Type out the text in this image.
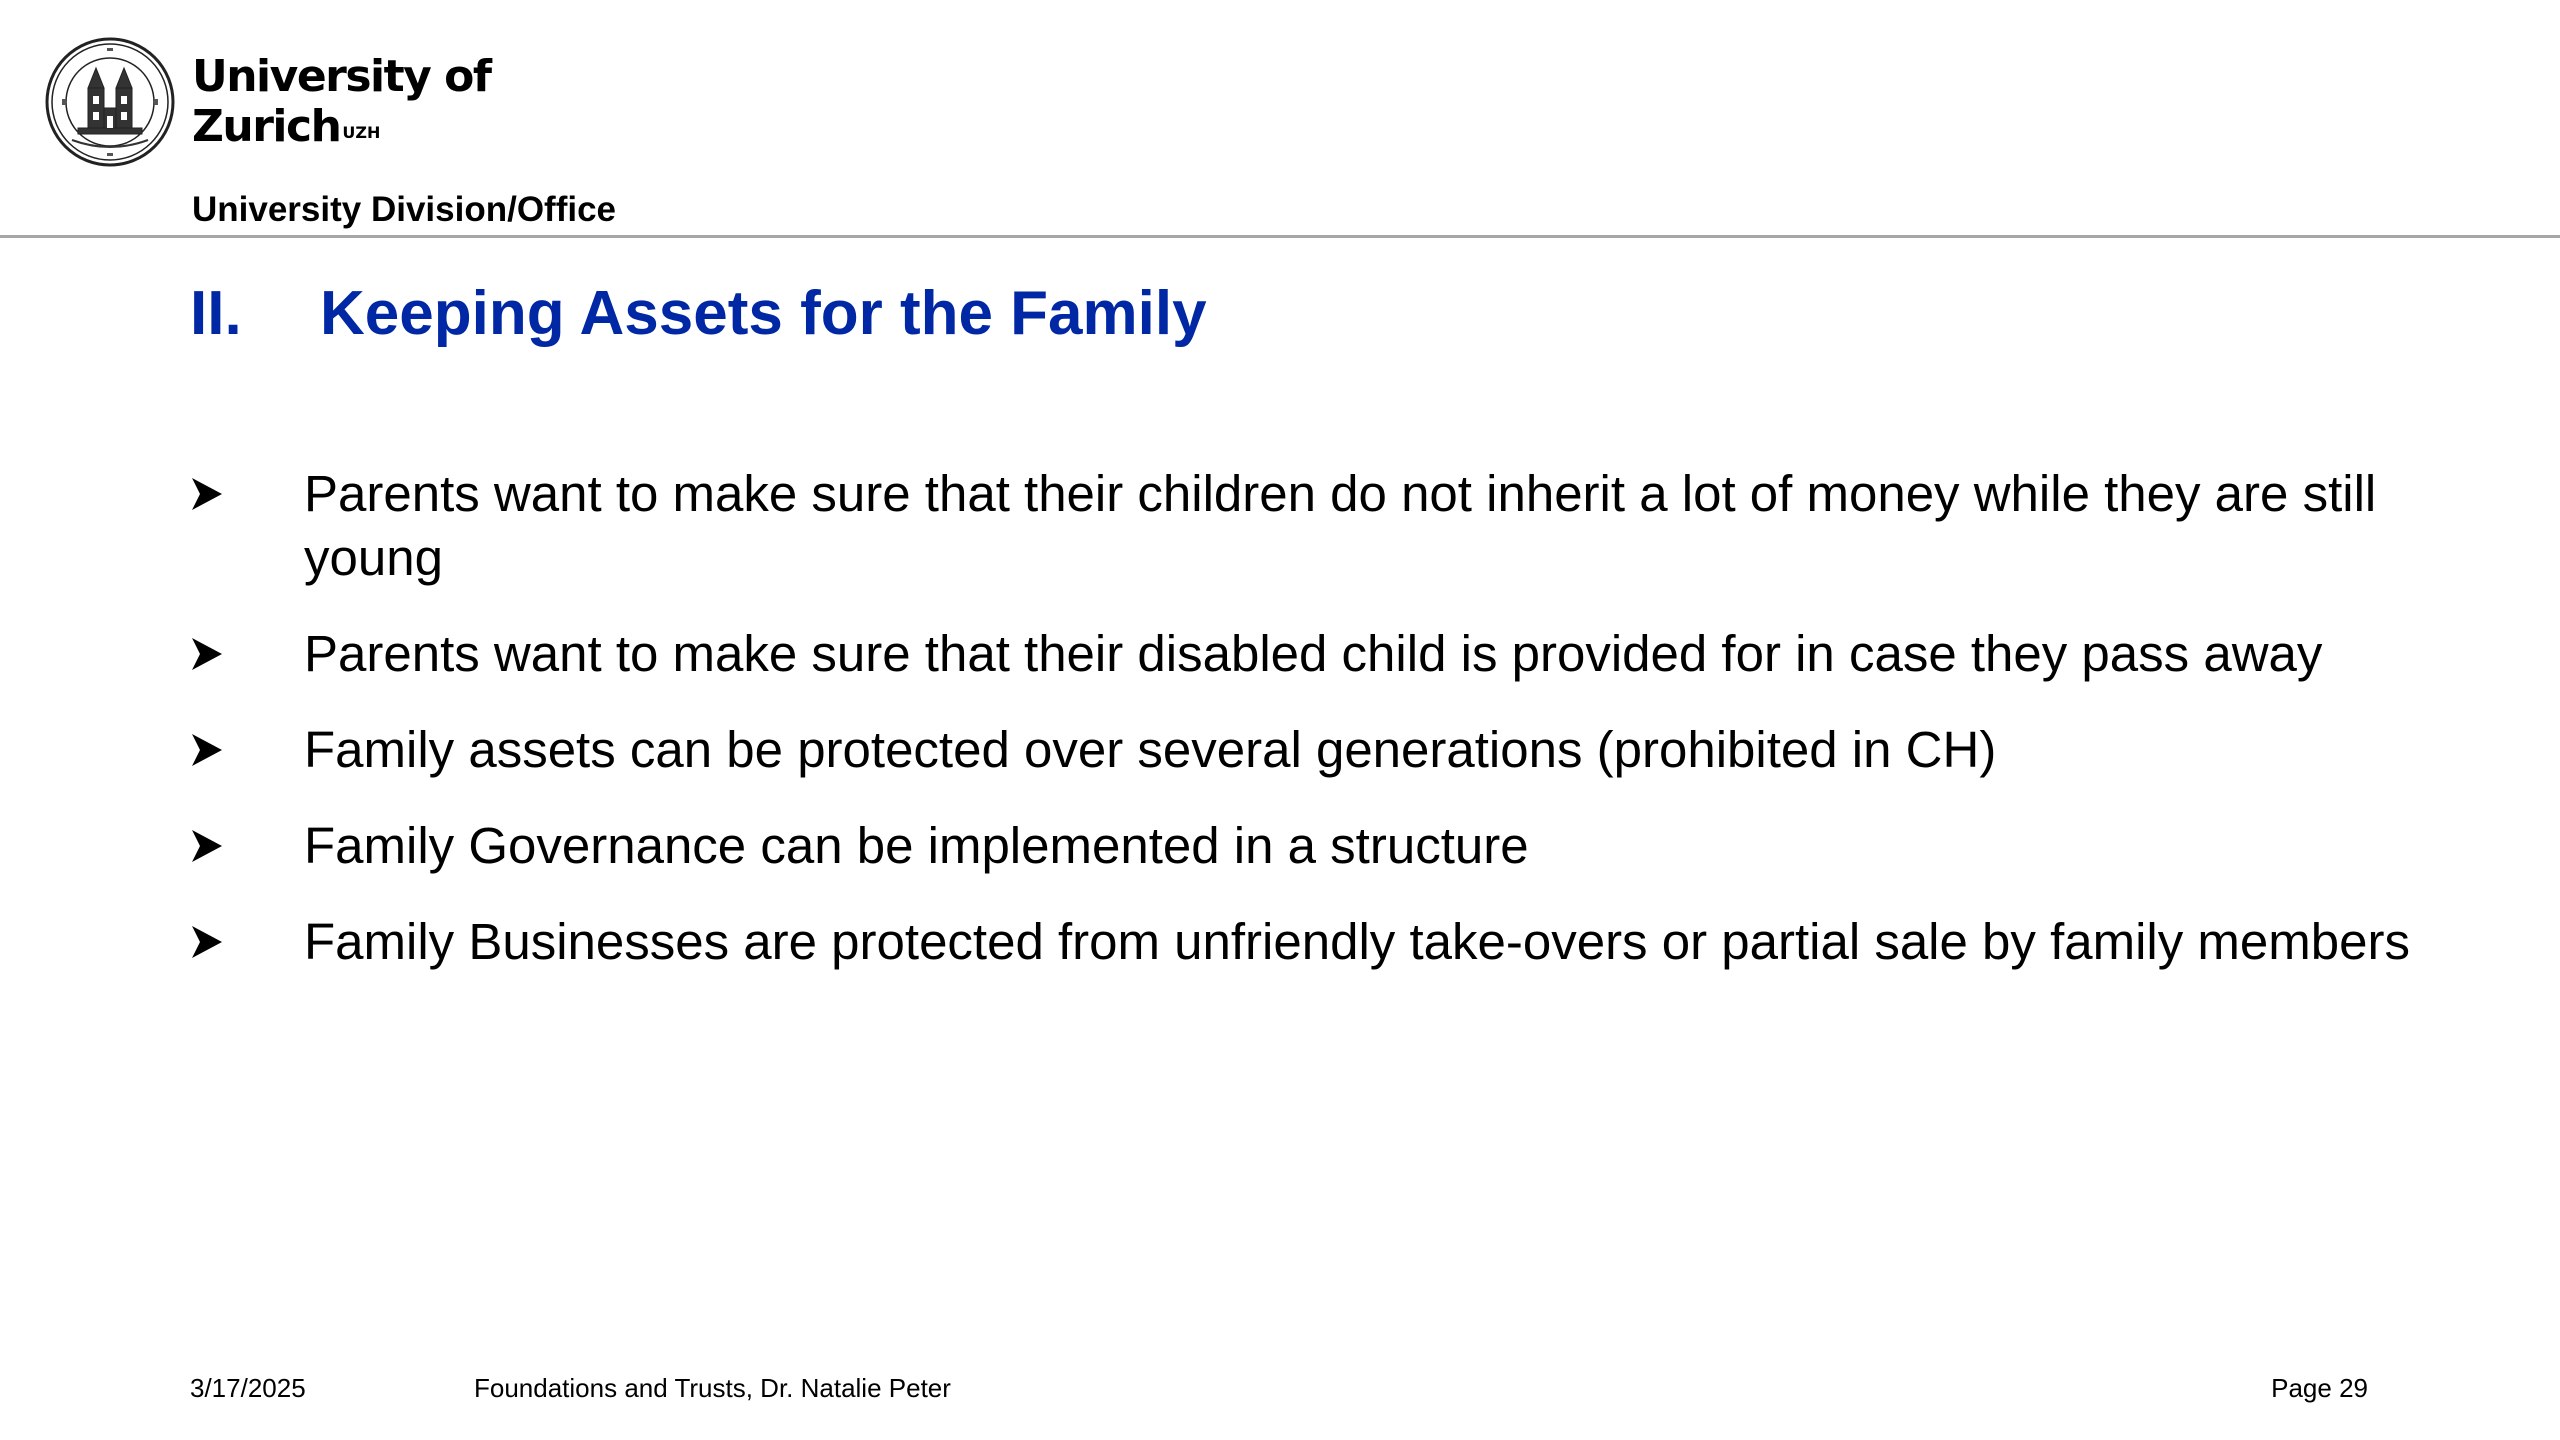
University of
Zurich $^{UZH}$
University Division/Office
II. Keeping Assets for the Family
Parents want to make sure that their children do not inherit a lot of money while they are still young
Parents want to make sure that their disabled child is provided for in case they pass away
Family assets can be protected over several generations (prohibited in CH)
Family Governance can be implemented in a structure
Family Businesses are protected from unfriendly take-overs or partial sale by family members
3/17/2025	Foundations and Trusts, Dr. Natalie Peter	Page 29
